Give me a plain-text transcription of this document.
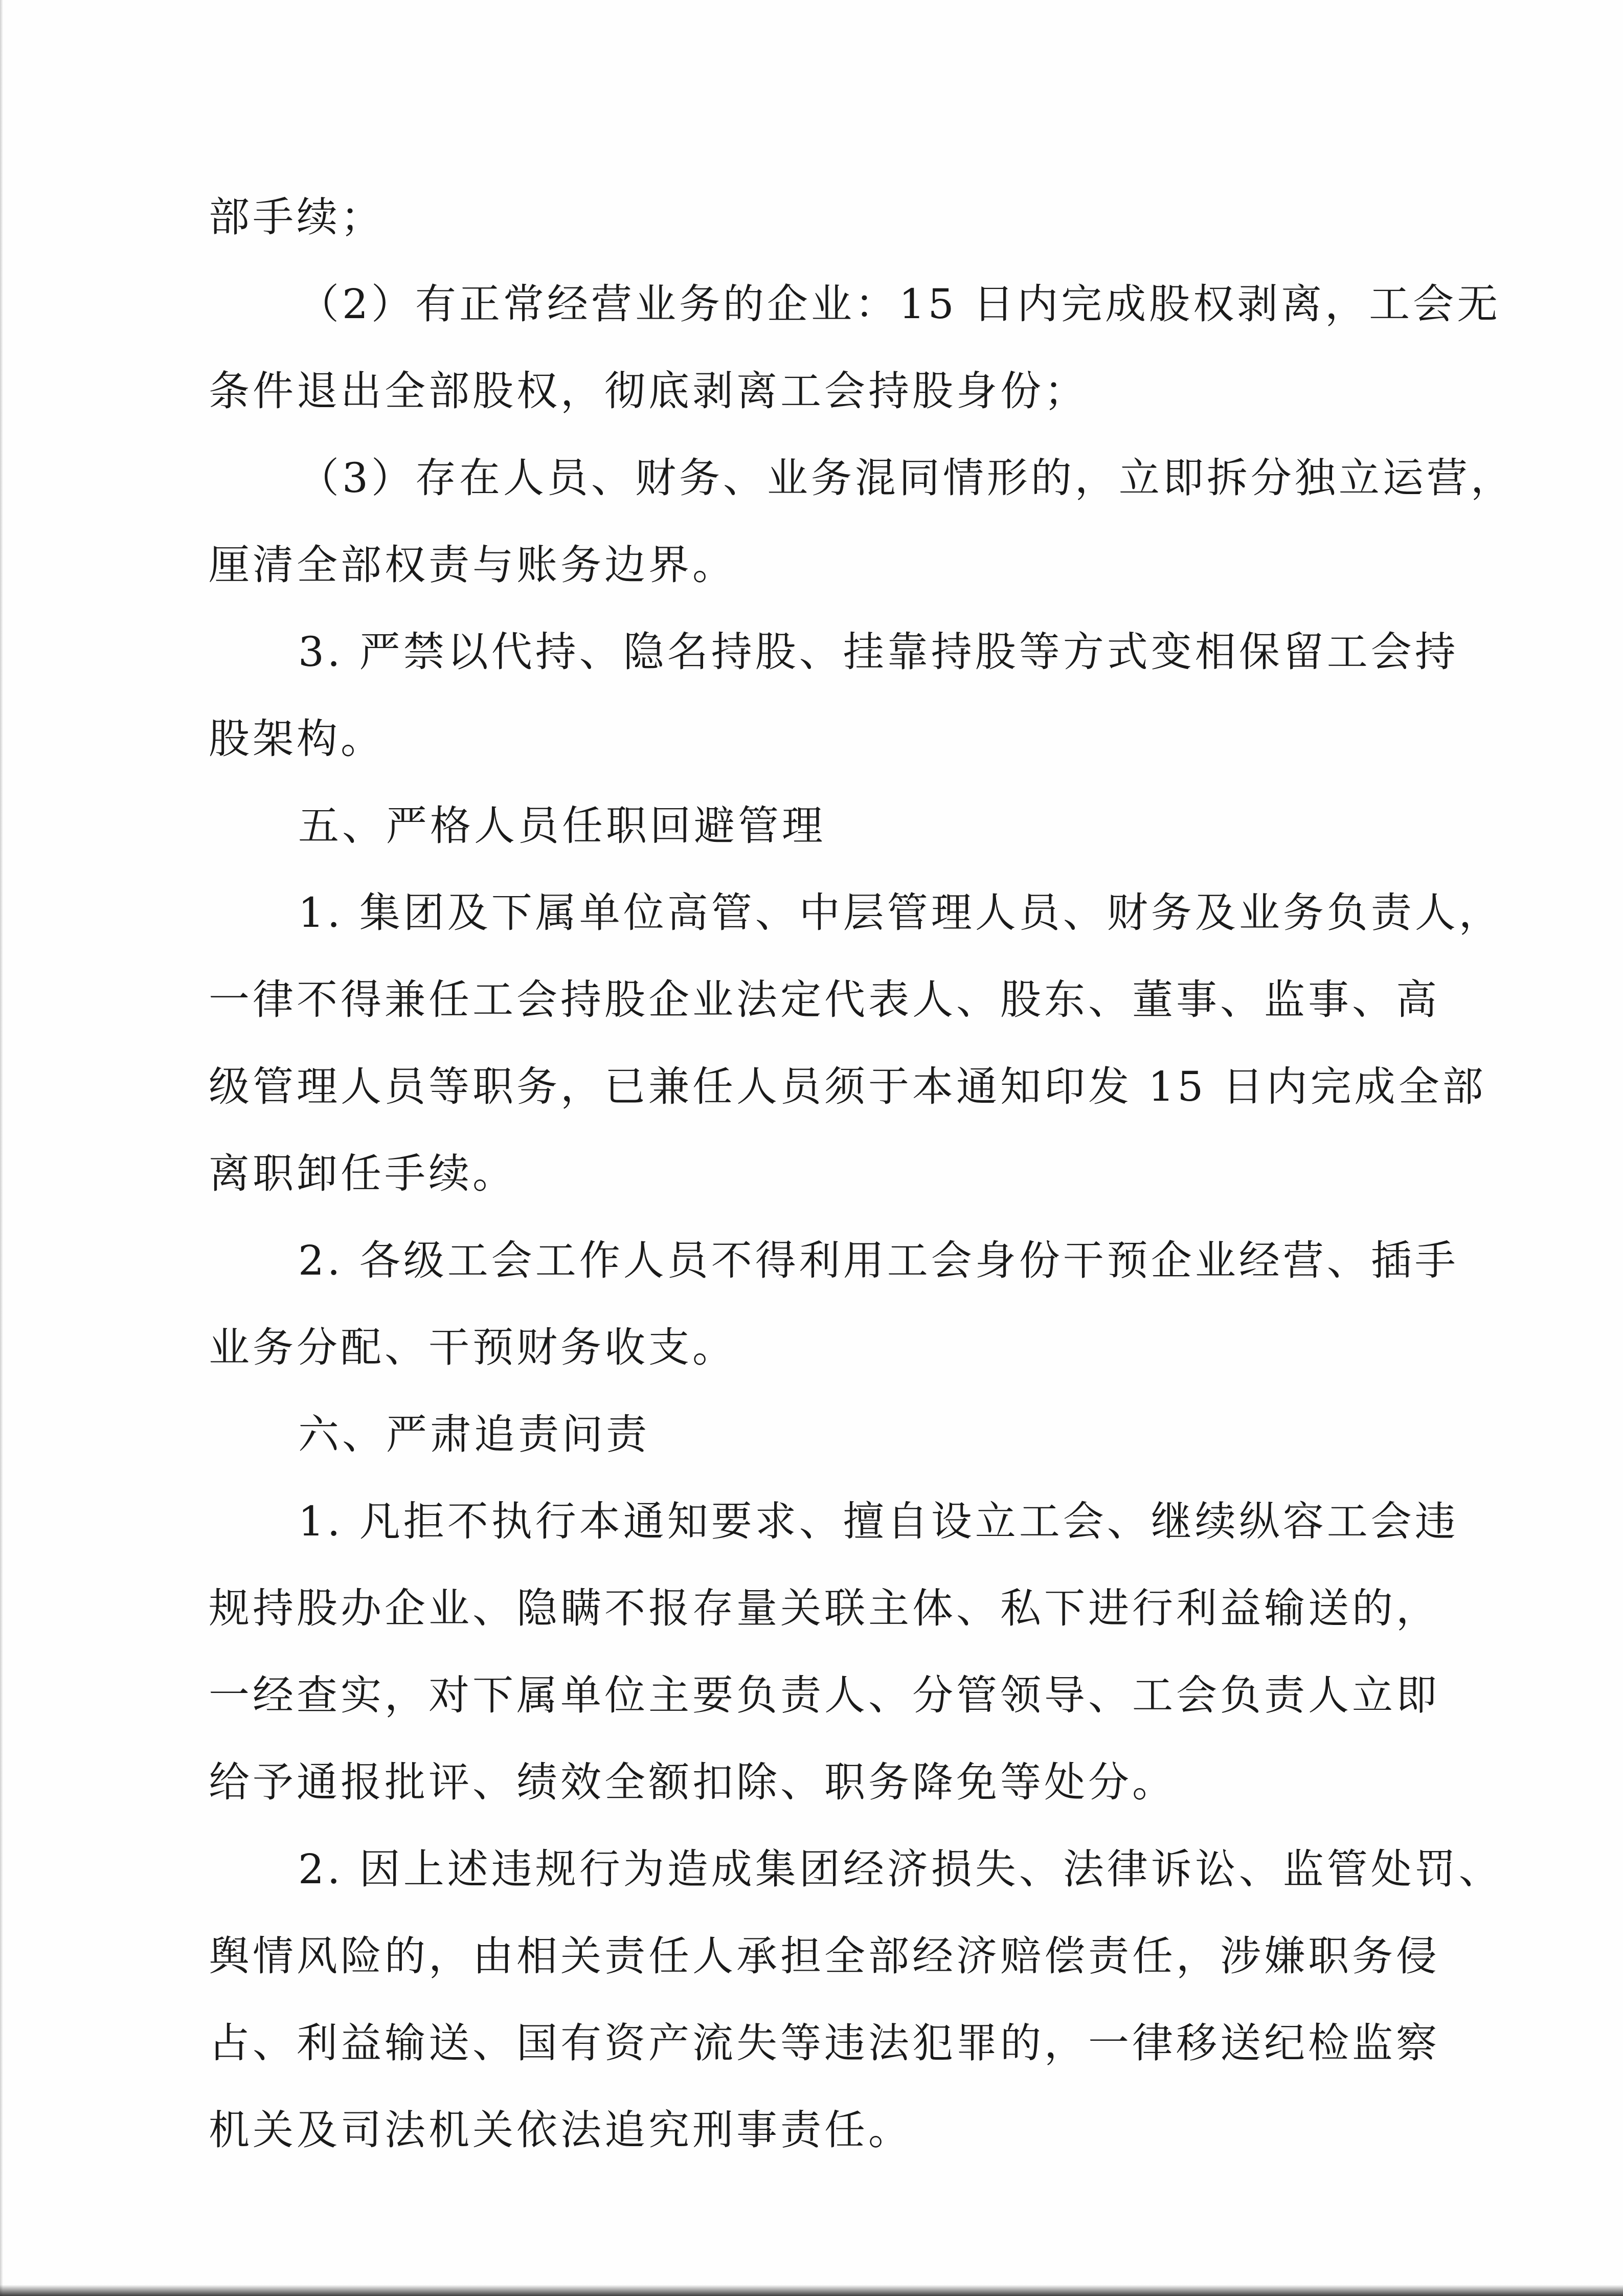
部手续；
（2）有正常经营业务的企业：15 日内完成股权剥离，工会无
条件退出全部股权，彻底剥离工会持股身份；
（3）存在人员、财务、业务混同情形的，立即拆分独立运营，
厘清全部权责与账务边界。
3. 严禁以代持、隐名持股、挂靠持股等方式变相保留工会持
股架构。
五、严格人员任职回避管理
1. 集团及下属单位高管、中层管理人员、财务及业务负责人，
一律不得兼任工会持股企业法定代表人、股东、董事、监事、高
级管理人员等职务，已兼任人员须于本通知印发 15 日内完成全部
离职卸任手续。
2. 各级工会工作人员不得利用工会身份干预企业经营、插手
业务分配、干预财务收支。
六、严肃追责问责
1. 凡拒不执行本通知要求、擅自设立工会、继续纵容工会违
规持股办企业、隐瞒不报存量关联主体、私下进行利益输送的，
一经查实，对下属单位主要负责人、分管领导、工会负责人立即
给予通报批评、绩效全额扣除、职务降免等处分。
2. 因上述违规行为造成集团经济损失、法律诉讼、监管处罚、
舆情风险的，由相关责任人承担全部经济赔偿责任，涉嫌职务侵
占、利益输送、国有资产流失等违法犯罪的，一律移送纪检监察
机关及司法机关依法追究刑事责任。
